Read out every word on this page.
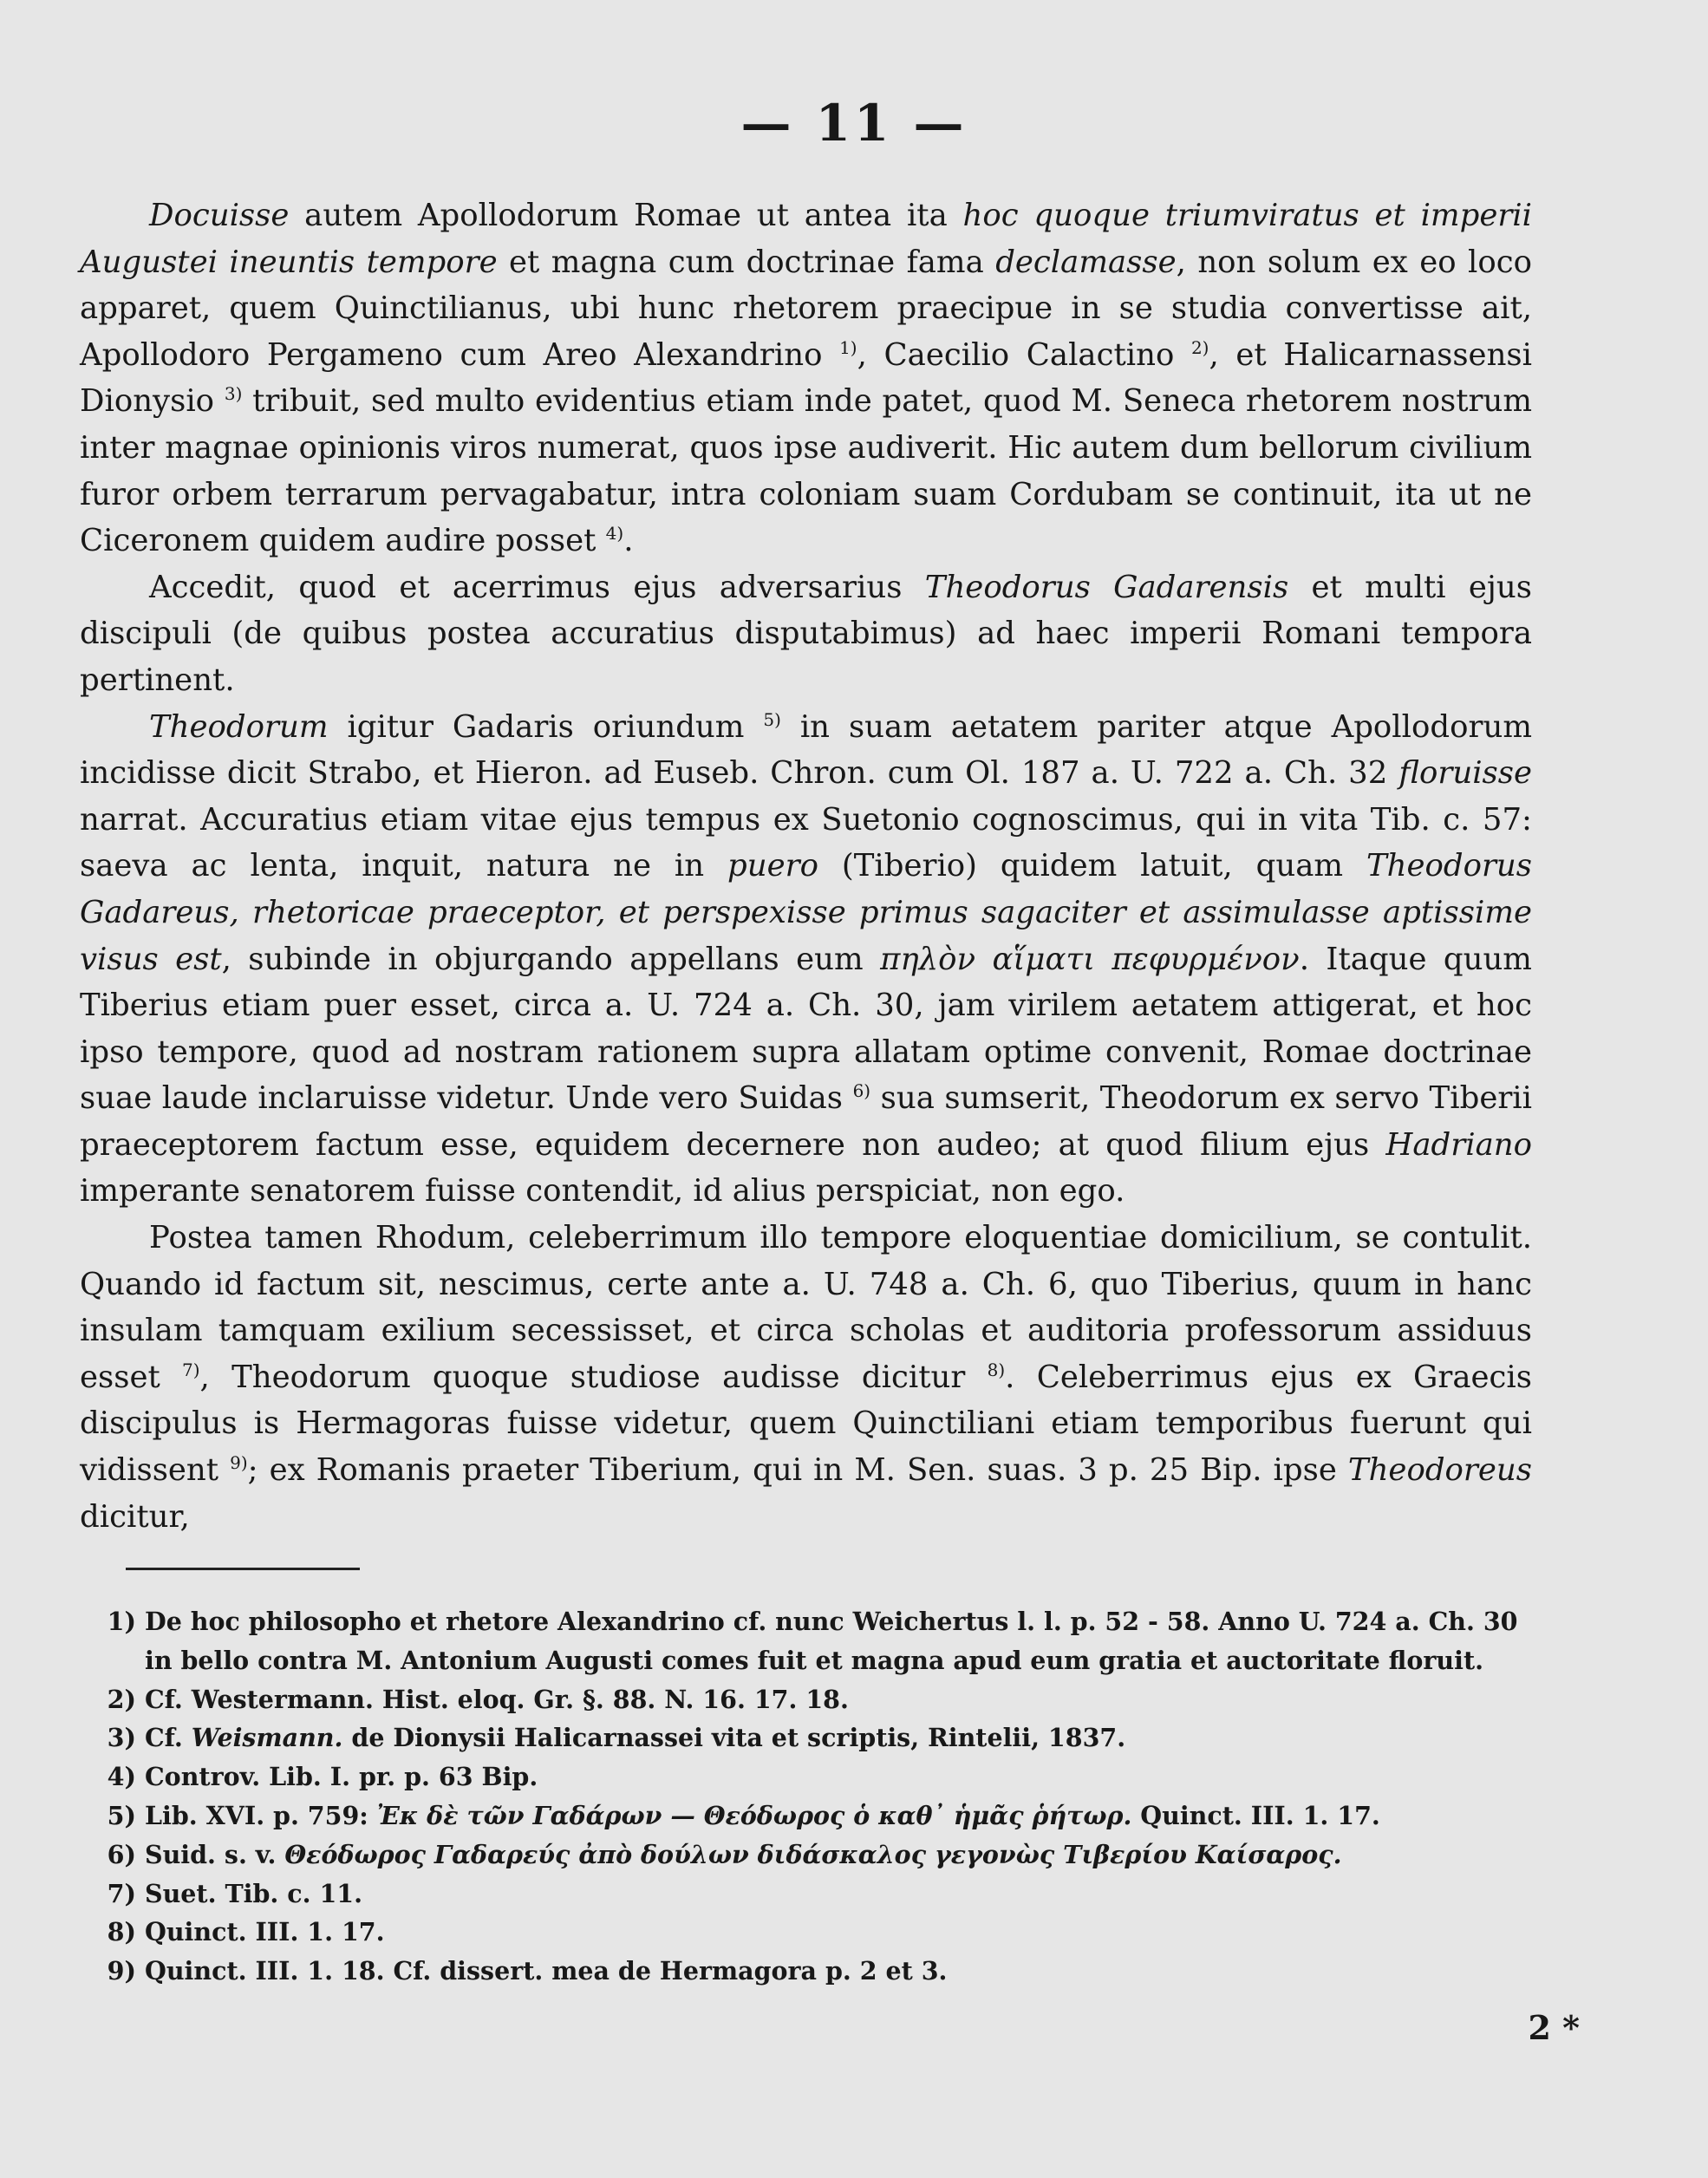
— 11 —

Docuisse autem Apollodorum Romae ut antea ita hoc quoque triumviratus et imperii Augustei ineuntis tempore et magna cum doctrinae fama declamasse, non solum ex eo loco apparet, quem Quinctilianus, ubi hunc rhetorem praecipue in se studia convertisse ait, Apollodoro Pergameno cum Areo Alexandrino $^{1)}$, Caecilio Calactino $^{2)}$, et Halicarnassensi Dionysio $^{3)}$ tribuit, sed multo evidentius etiam inde patet, quod M. Seneca rhetorem nostrum inter magnae opinionis viros numerat, quos ipse audiverit. Hic autem dum bellorum civilium furor orbem terrarum pervagabatur, intra coloniam suam Cordubam se continuit, ita ut ne Ciceronem quidem audire posset $^{4)}$.

Accedit, quod et acerrimus ejus adversarius Theodorus Gadarensis et multi ejus discipuli (de quibus postea accuratius disputabimus) ad haec imperii Romani tempora pertinent.

Theodorum igitur Gadaris oriundum $^{5)}$ in suam aetatem pariter atque Apollodorum incidisse dicit Strabo, et Hieron. ad Euseb. Chron. cum Ol. 187 a. U. 722 a. Ch. 32 floruisse narrat. Accuratius etiam vitae ejus tempus ex Suetonio cognoscimus, qui in vita Tib. c. 57: saeva ac lenta, inquit, natura ne in puero (Tiberio) quidem latuit, quam Theodorus Gadareus, rhetoricae praeceptor, et perspexisse primus sagaciter et assimulasse aptissime visus est, subinde in objurgando appellans eum πηλὸν αἵματι πεφυρμένον. Itaque quum Tiberius etiam puer esset, circa a. U. 724 a. Ch. 30, jam virilem aetatem attigerat, et hoc ipso tempore, quod ad nostram rationem supra allatam optime convenit, Romae doctrinae suae laude inclaruisse videtur. Unde vero Suidas $^{6)}$ sua sumserit, Theodorum ex servo Tiberii praeceptorem factum esse, equidem decernere non audeo; at quod filium ejus Hadriano imperante senatorem fuisse contendit, id alius perspiciat, non ego.

Postea tamen Rhodum, celeberrimum illo tempore eloquentiae domicilium, se contulit. Quando id factum sit, nescimus, certe ante a. U. 748 a. Ch. 6, quo Tiberius, quum in hanc insulam tamquam exilium secessisset, et circa scholas et auditoria professorum assiduus esset $^{7)}$, Theodorum quoque studiose audisse dicitur $^{8)}$. Celeberrimus ejus ex Graecis discipulus is Hermagoras fuisse videtur, quem Quinctiliani etiam temporibus fuerunt qui vidissent $^{9)}$; ex Romanis praeter Tiberium, qui in M. Sen. suas. 3 p. 25 Bip. ipse Theodoreus dicitur,

1) De hoc philosopho et rhetore Alexandrino cf. nunc Weichertus l. l. p. 52 - 58. Anno U. 724 a. Ch. 30 in bello contra M. Antonium Augusti comes fuit et magna apud eum gratia et auctoritate floruit.
2) Cf. Westermann. Hist. eloq. Gr. §. 88. N. 16. 17. 18.
3) Cf. Weismann. de Dionysii Halicarnassei vita et scriptis, Rintelii, 1837.
4) Controv. Lib. I. pr. p. 63 Bip.
5) Lib. XVI. p. 759: Ἐκ δὲ τῶν Γαδάρων — Θεόδωρος ὁ καθ᾽ ἡμᾶς ῥήτωρ. Quinct. III. 1. 17.
6) Suid. s. v. Θεόδωρος Γαδαρεύς ἀπὸ δούλων διδάσκαλος γεγονὼς Τιβερίου Καίσαρος.
7) Suet. Tib. c. 11.
8) Quinct. III. 1. 17.
9) Quinct. III. 1. 18. Cf. dissert. mea de Hermagora p. 2 et 3.
2 *
